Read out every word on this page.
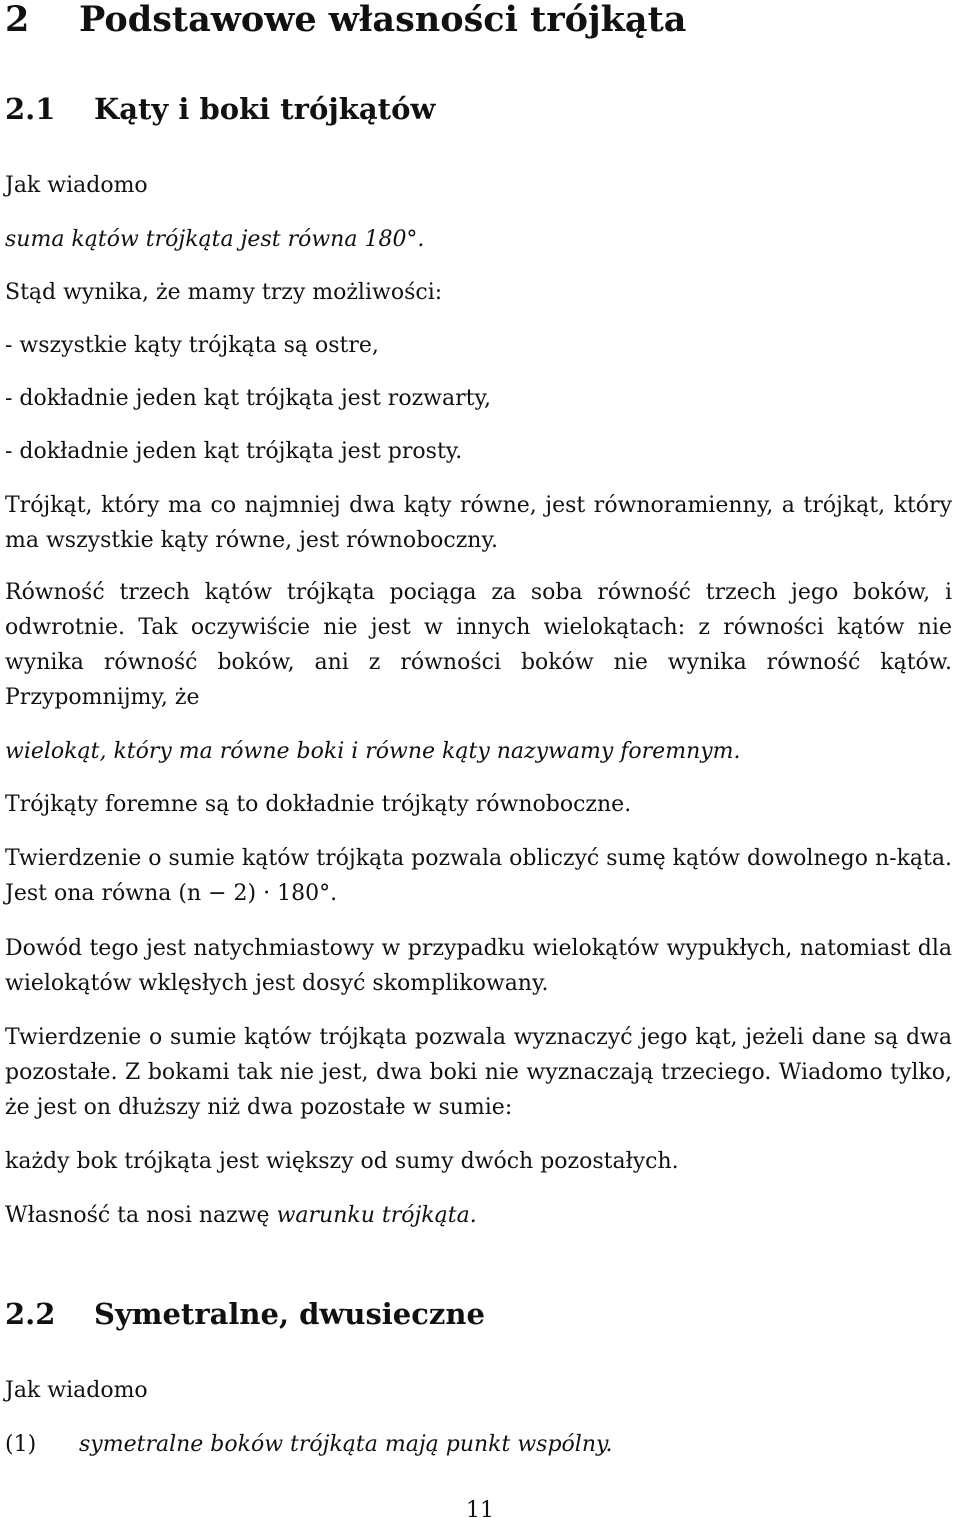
2 Podstawowe własności trójkąta
2.1 Kąty i boki trójkątów
Jak wiadomo
suma kątów trójkąta jest równa 180°.
Stąd wynika, że mamy trzy możliwości:
- wszystkie kąty trójkąta są ostre,
- dokładnie jeden kąt trójkąta jest rozwarty,
- dokładnie jeden kąt trójkąta jest prosty.

Trójkąt, który ma co najmniej dwa kąty równe, jest równoramienny, a trójkąt, który ma wszystkie kąty równe, jest równoboczny.

Równość trzech kątów trójkąta pociąga za soba równość trzech jego boków, i odwrotnie. Tak oczywiście nie jest w innych wielokątach: z równości kątów nie wynika równość boków, ani z równości boków nie wynika równość kątów. Przypomnijmy, że

wielokąt, który ma równe boki i równe kąty nazywamy foremnym.
Trójkąty foremne są to dokładnie trójkąty równoboczne.

Twierdzenie o sumie kątów trójkąta pozwala obliczyć sumę kątów dowolnego n-kąta. Jest ona równa (n − 2) · 180°.

Dowód tego jest natychmiastowy w przypadku wielokątów wypukłych, natomiast dla wielokątów wklęsłych jest dosyć skomplikowany.

Twierdzenie o sumie kątów trójkąta pozwala wyznaczyć jego kąt, jeżeli dane są dwa pozostałe. Z bokami tak nie jest, dwa boki nie wyznaczają trzeciego. Wiadomo tylko, że jest on dłuższy niż dwa pozostałe w sumie:

każdy bok trójkąta jest większy od sumy dwóch pozostałych.
Własność ta nosi nazwę warunku trójkąta.
2.2 Symetralne, dwusieczne
Jak wiadomo
(1) symetralne boków trójkąta mają punkt wspólny.
11
